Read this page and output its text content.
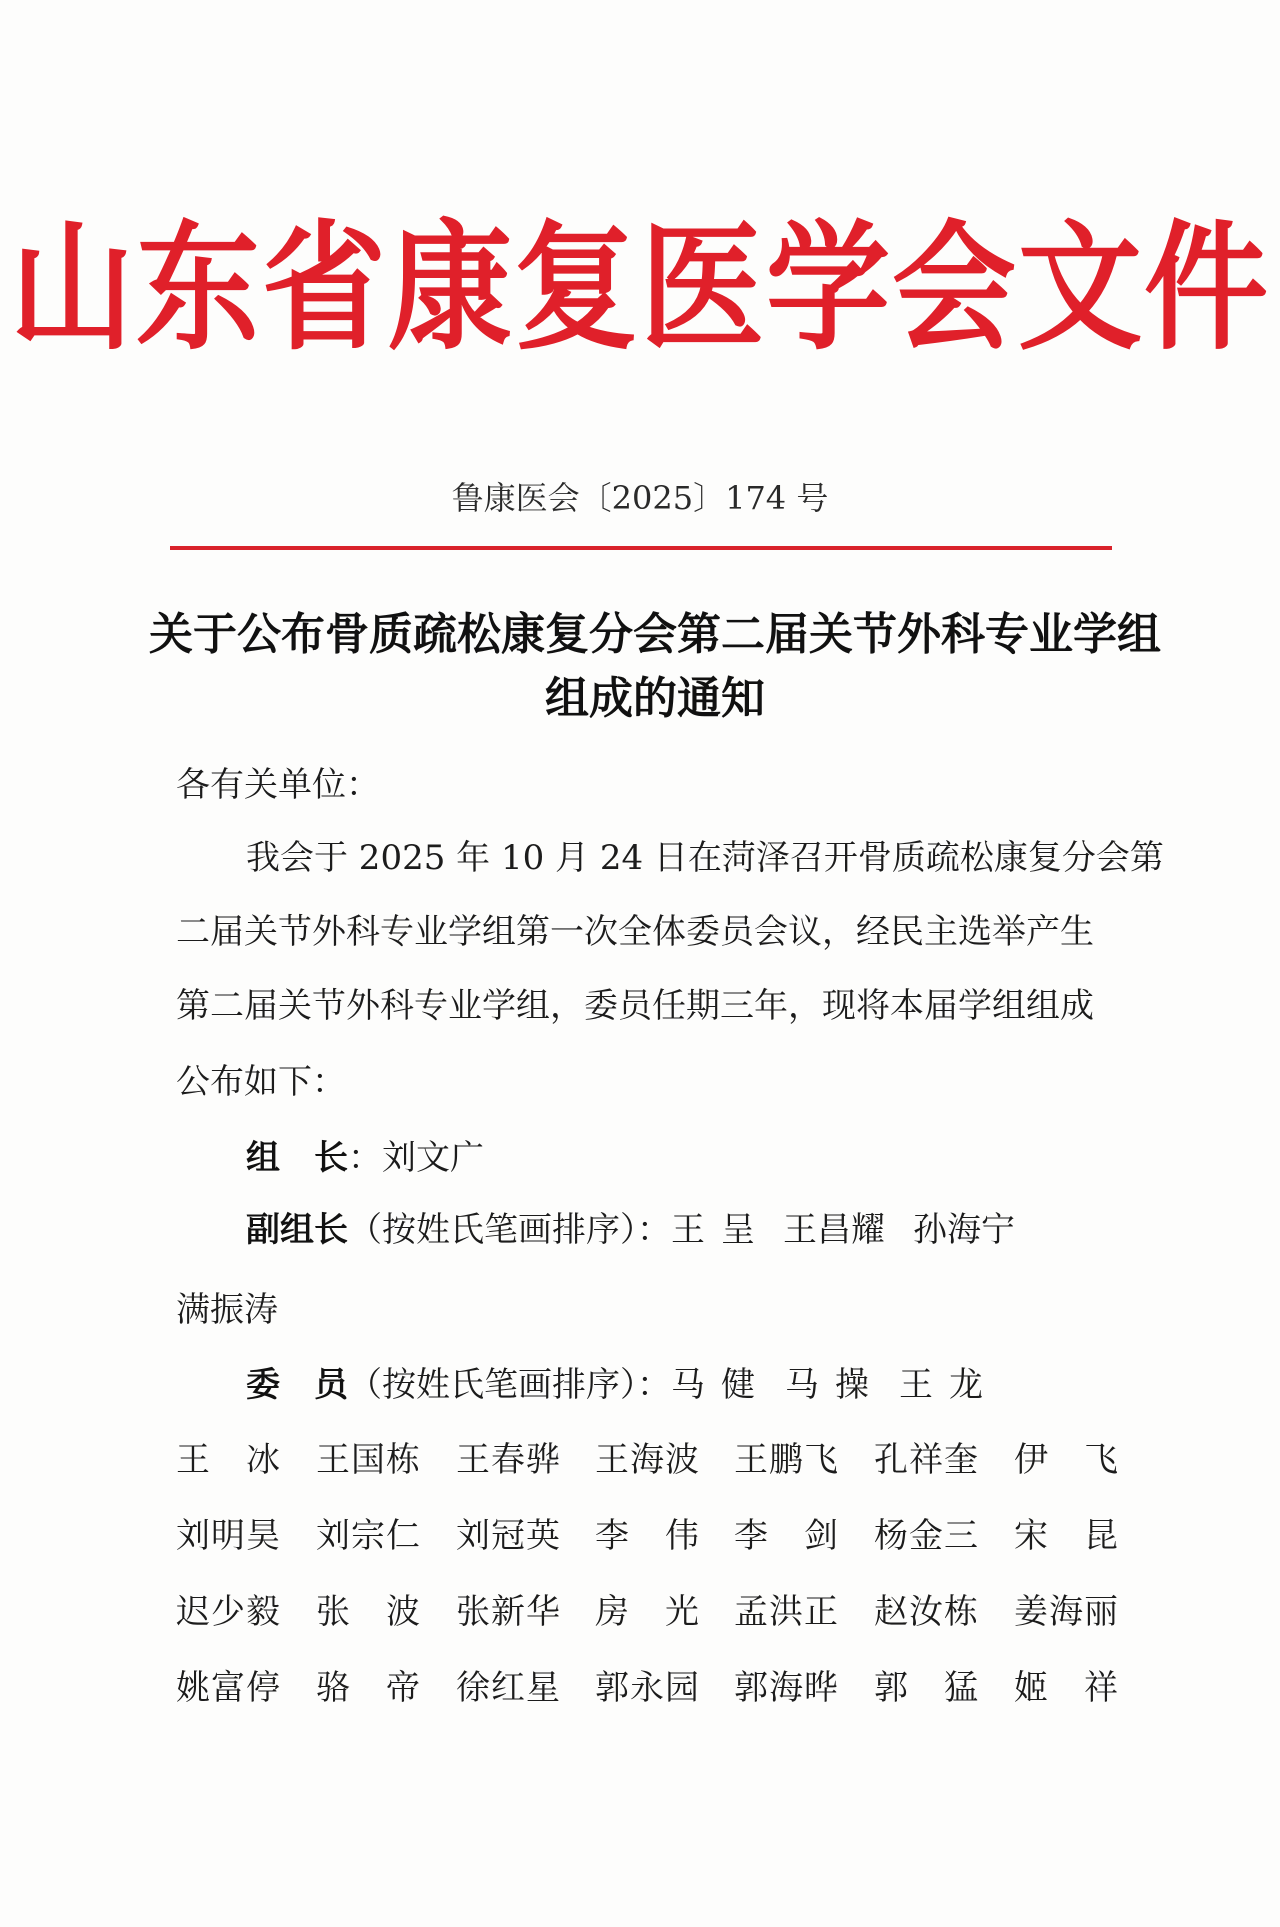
山东省康复医学会文件
鲁康医会〔2025〕174 号
关于公布骨质疏松康复分会第二届关节外科专业学组
组成的通知
各有关单位：
我会于 2025 年 10 月 24 日在菏泽召开骨质疏松康复分会第
二届关节外科专业学组第一次全体委员会议，经民主选举产生
第二届关节外科专业学组，委员任期三年，现将本届学组组成
公布如下：
组　长：刘文广
副组长（按姓氏笔画排序）： 王 呈 王昌耀 孙海宁
满振涛
委　员（按姓氏笔画排序）： 马 健 马 操 王 龙
王 冰 王 国 栋 王 春 骅 王 海 波 王 鹏 飞 孔 祥 奎 伊 飞
刘 明 昊 刘 宗 仁 刘 冠 英 李 伟 李 剑 杨 金 三 宋 昆
迟 少 毅 张 波 张 新 华 房 光 孟 洪 正 赵 汝 栋 姜 海 丽
姚 富 停 骆 帝 徐 红 星 郭 永 园 郭 海 晔 郭 猛 姬 祥
